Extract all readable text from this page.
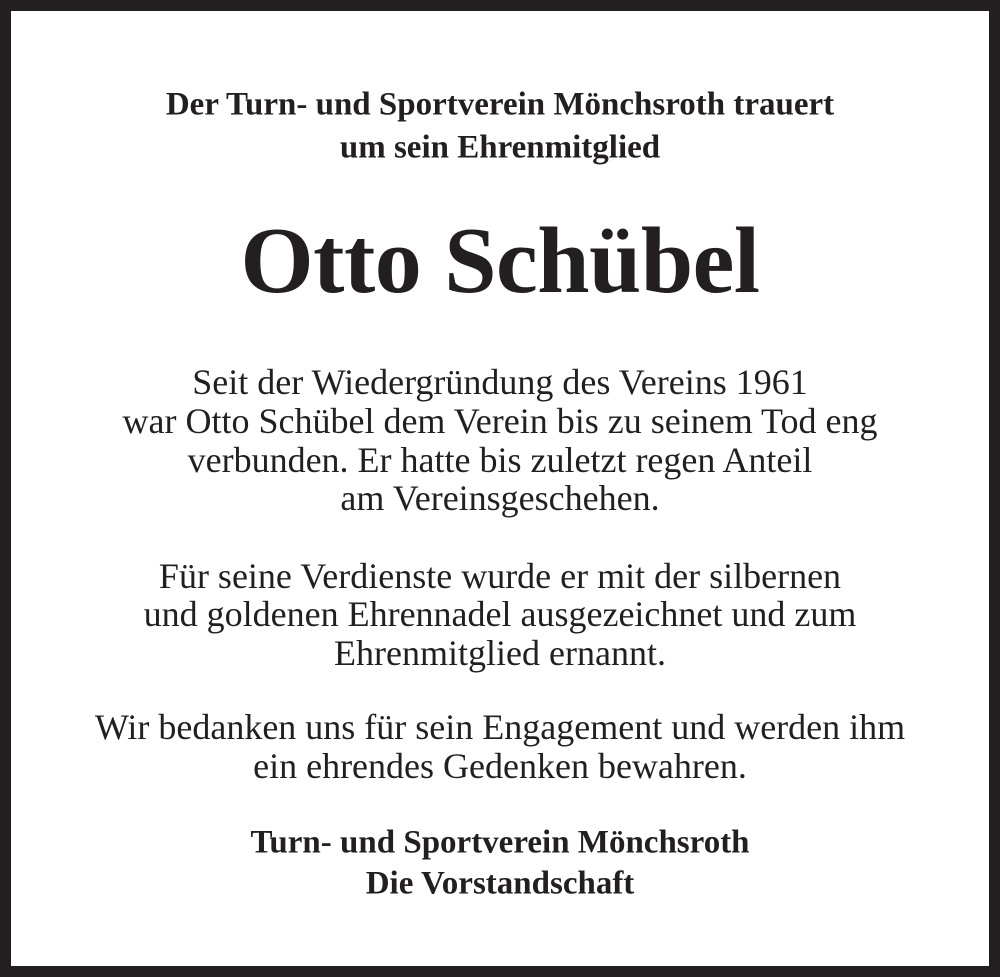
Der Turn- und Sportverein Mönchsroth trauert
um sein Ehrenmitglied
Otto Schübel
Seit der Wiedergründung des Vereins 1961
war Otto Schübel dem Verein bis zu seinem Tod eng
verbunden. Er hatte bis zuletzt regen Anteil
am Vereinsgeschehen.
Für seine Verdienste wurde er mit der silbernen
und goldenen Ehrennadel ausgezeichnet und zum
Ehrenmitglied ernannt.
Wir bedanken uns für sein Engagement und werden ihm
ein ehrendes Gedenken bewahren.
Turn- und Sportverein Mönchsroth
Die Vorstandschaft
